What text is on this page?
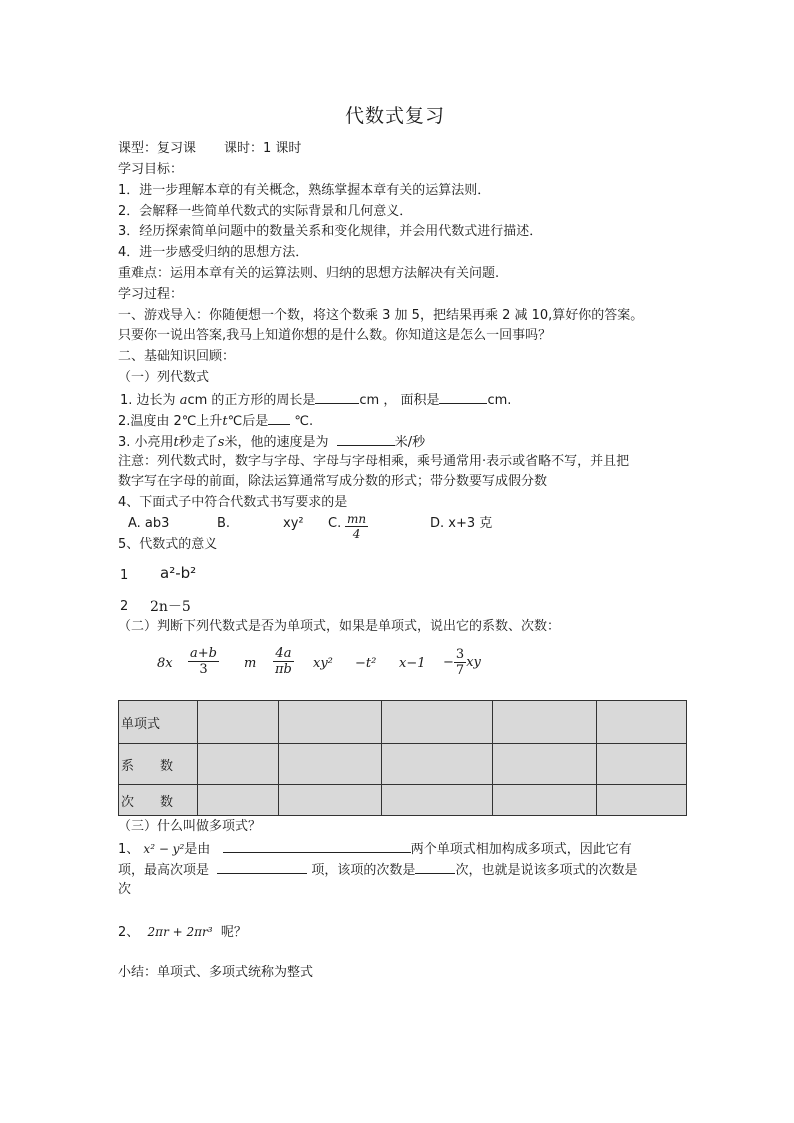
代数式复习
课型：复习课 课时：1 课时
学习目标：
1．进一步理解本章的有关概念，熟练掌握本章有关的运算法则．
2．会解释一些简单代数式的实际背景和几何意义．
3．经历探索简单问题中的数量关系和变化规律，并会用代数式进行描述．
4．进一步感受归纳的思想方法．
重难点：运用本章有关的运算法则、归纳的思想方法解决有关问题.
学习过程：
一、游戏导入：你随便想一个数，将这个数乘 3 加 5，把结果再乘 2 减 10,算好你的答案。
只要你一说出答案,我马上知道你想的是什么数。你知道这是怎么一回事吗？
二、基础知识回顾：
（一）列代数式
1. 边长为 acm 的正方形的周长是	cm ， 面积是	cm.
2.温度由 2℃上升t℃后是 ℃.
3. 小亮用t秒走了s米，他的速度是为	米/秒
注意：列代数式时，数字与字母、字母与字母相乘，乘号通常用·表示或省略不写，并且把
数字写在字母的前面，除法运算通常写成分数的形式；带分数要写成假分数
4、下面式子中符合代数式书写要求的是
A. ab3	B.	xy² C. $\frac{mn}{4}$	D. x+3 克
5、代数式的意义
1 a²-b²
2 2n－5
（二）判断下列代数式是否为单项式，如果是单项式，说出它的系数、次数：
$8x \frac{a+b}{3}$ m $\frac{4a}{\pi b} xy^2 -t^2$ $x-1 - \frac{3}{7}$ xy
单项式					
系　　数					
次　　数					
（三）什么叫做多项式？
1、 x² − y²是由	两个单项式相加构成多项式，因此它有
项，最高次项是	项，该项的次数是	次，也就是说该多项式的次数是
次
2、 2πr + 2πr³ 呢？
小结：单项式、多项式统称为整式
